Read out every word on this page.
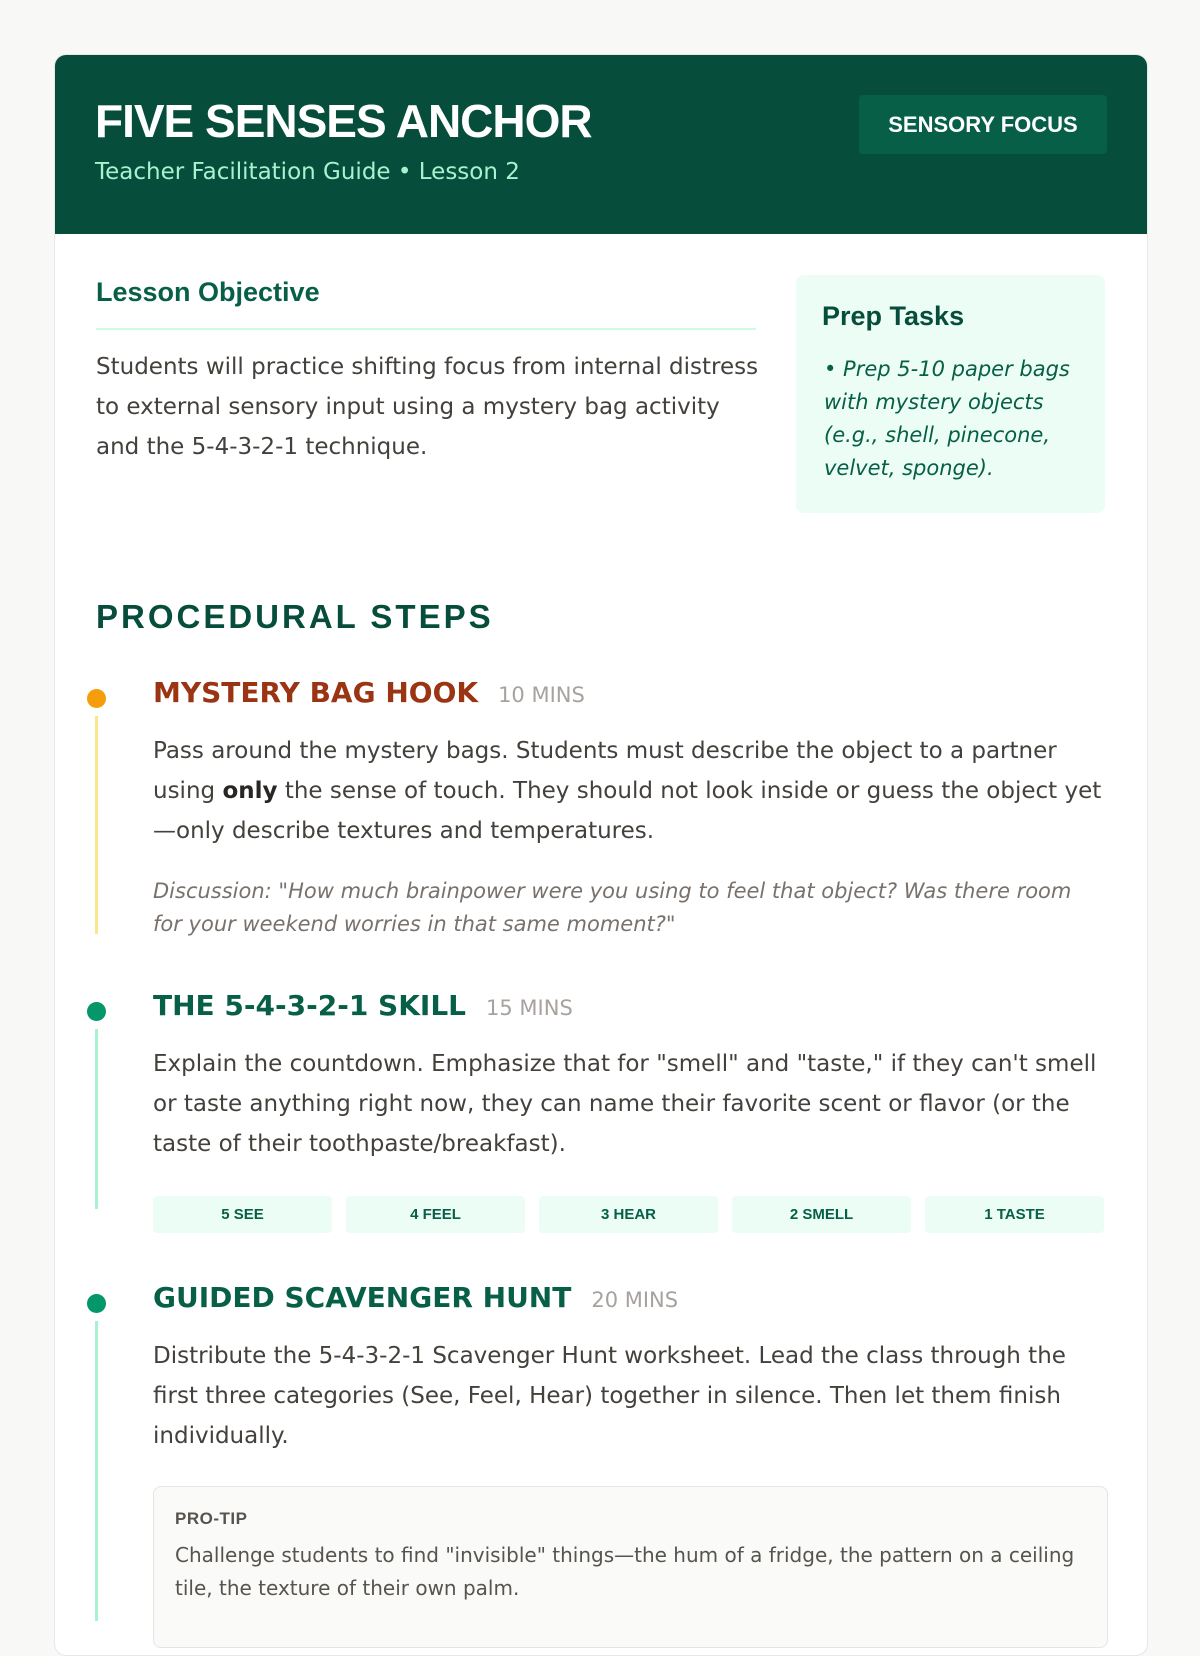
FIVE SENSES ANCHOR
Teacher Facilitation Guide • Lesson 2
SENSORY FOCUS
Lesson Objective
Students will practice shifting focus from internal distress to external sensory input using a mystery bag activity and the 5-4-3-2-1 technique.
Prep Tasks
• Prep 5-10 paper bags with mystery objects (e.g., shell, pinecone, velvet, sponge).
PROCEDURAL STEPS
MYSTERY BAG HOOK 10 MINS
Pass around the mystery bags. Students must describe the object to a partner using only the sense of touch. They should not look inside or guess the object yet—only describe textures and temperatures.
Discussion: "How much brainpower were you using to feel that object? Was there room for your weekend worries in that same moment?"
THE 5-4-3-2-1 SKILL 15 MINS
Explain the countdown. Emphasize that for "smell" and "taste," if they can't smell or taste anything right now, they can name their favorite scent or flavor (or the taste of their toothpaste/breakfast).
5 SEE	4 FEEL	3 HEAR	2 SMELL	1 TASTE
GUIDED SCAVENGER HUNT 20 MINS
Distribute the 5-4-3-2-1 Scavenger Hunt worksheet. Lead the class through the first three categories (See, Feel, Hear) together in silence. Then let them finish individually.
PRO-TIP
Challenge students to find "invisible" things—the hum of a fridge, the pattern on a ceiling tile, the texture of their own palm.
